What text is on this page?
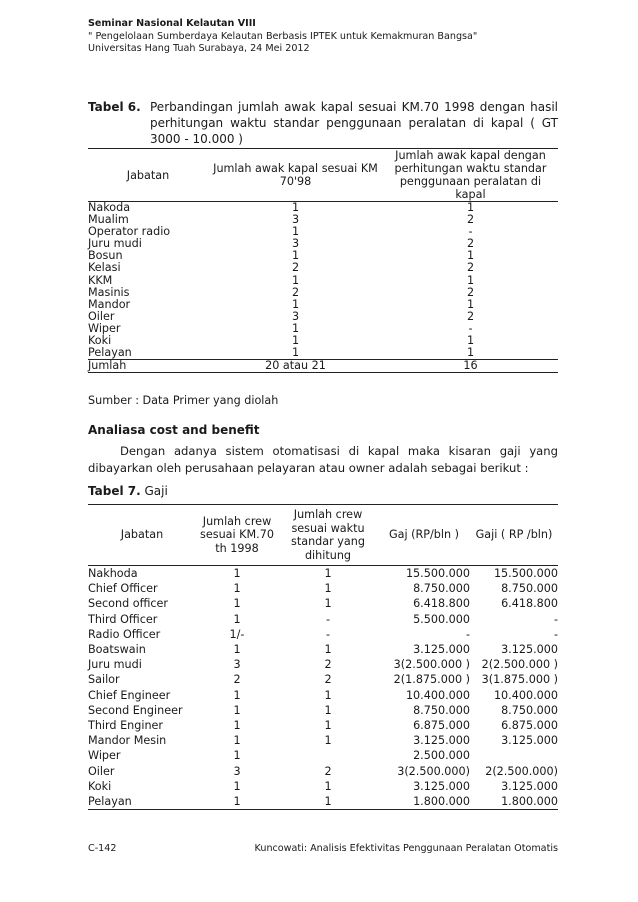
Seminar Nasional Kelautan VIII
" Pengelolaan Sumberdaya Kelautan Berbasis IPTEK untuk Kemakmuran Bangsa"
Universitas Hang Tuah Surabaya, 24 Mei 2012
Tabel 6. Perbandingan jumlah awak kapal sesuai KM.70 1998 dengan hasil perhitungan waktu standar penggunaan peralatan di kapal ( GT 3000 - 10.000 )
Jabatan	Jumlah awak kapal sesuai KM 70'98	Jumlah awak kapal dengan perhitungan waktu standar penggunaan peralatan di kapal
Nakoda	1	1
Mualim	3	2
Operator radio	1	-
Juru mudi	3	2
Bosun	1	1
Kelasi	2	2
KKM	1	1
Masinis	2	2
Mandor	1	1
Oiler	3	2
Wiper	1	-
Koki	1	1
Pelayan	1	1
Jumlah	20 atau 21	16
Sumber : Data Primer yang diolah
Analiasa cost and benefit
Dengan adanya sistem otomatisasi di kapal maka kisaran gaji yang dibayarkan oleh perusahaan pelayaran atau owner adalah sebagai berikut :
Tabel 7. Gaji
Jabatan	Jumlah crew sesuai KM.70 th 1998	Jumlah crew sesuai waktu standar yang dihitung	Gaj (RP/bln )	Gaji ( RP /bln)
Nakhoda	1	1	15.500.000	15.500.000
Chief Officer	1	1	8.750.000	8.750.000
Second officer	1	1	6.418.800	6.418.800
Third Officer	1	-	5.500.000	-
Radio Officer	1/-	-	-	-
Boatswain	1	1	3.125.000	3.125.000
Juru mudi	3	2	3(2.500.000 )	2(2.500.000 )
Sailor	2	2	2(1.875.000 )	3(1.875.000 )
Chief Engineer	1	1	10.400.000	10.400.000
Second Engineer	1	1	8.750.000	8.750.000
Third Enginer	1	1	6.875.000	6.875.000
Mandor Mesin	1	1	3.125.000	3.125.000
Wiper	1		2.500.000	
Oiler	3	2	3(2.500.000)	2(2.500.000)
Koki	1	1	3.125.000	3.125.000
Pelayan	1	1	1.800.000	1.800.000
C-142	Kuncowati: Analisis Efektivitas Penggunaan Peralatan Otomatis
